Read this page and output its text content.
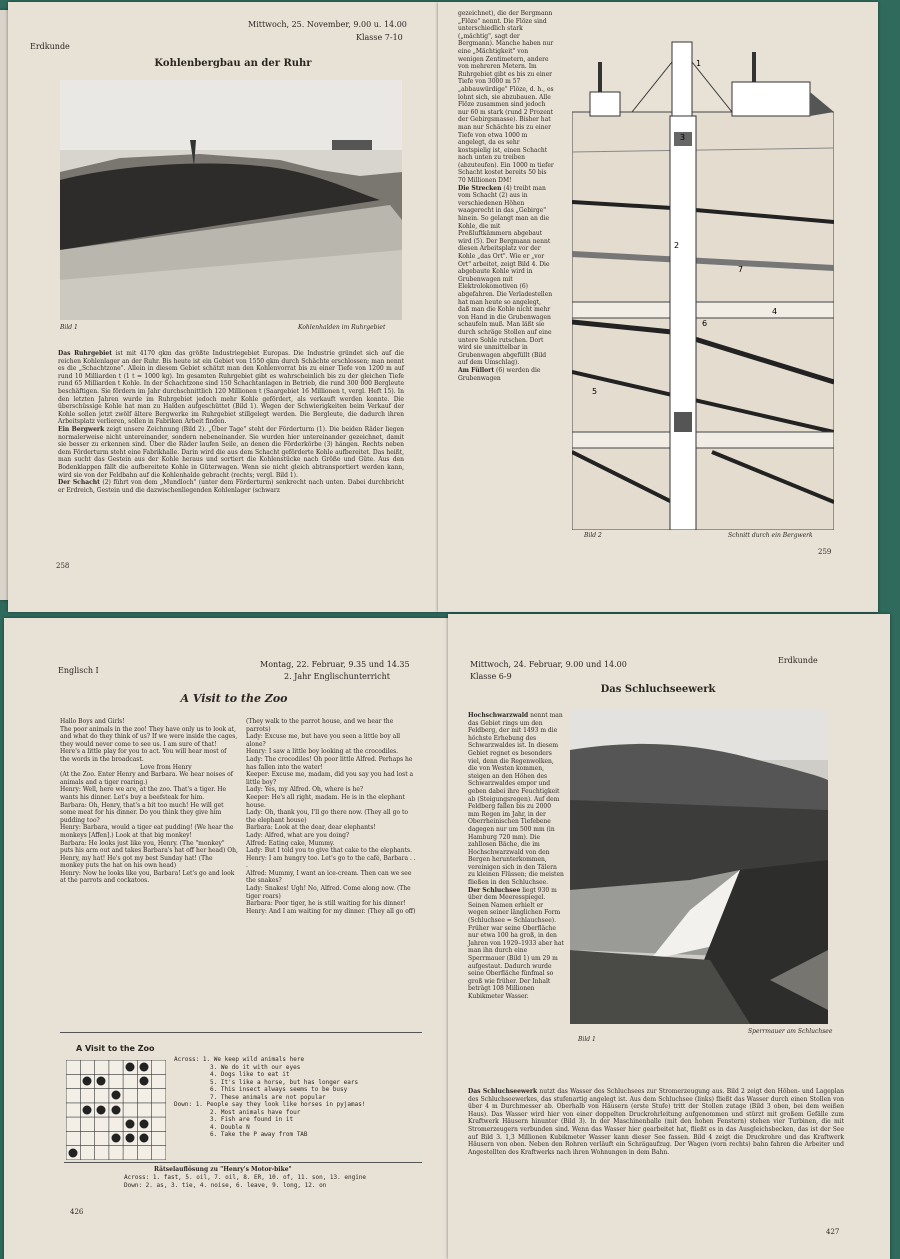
Erdkunde
Mittwoch, 25. November, 9.00 u. 14.00
Klasse 7-10
Kohlenbergbau an der Ruhr
Bild 1	Kohlenhalden im Ruhrgebiet
Das Ruhrgebiet ist mit 4170 qkm das größte Industriegebiet Europas. Die Industrie gründet sich auf die reichen Kohlenlager an der Ruhr. Bis heute ist ein Gebiet von 1550 qkm durch Schächte erschlossen; man nennt es die „Schachtzone". Allein in diesem Gebiet schätzt man den Kohlenvorrat bis zu einer Tiefe von 1200 m auf rund 10 Milliarden t (1 t = 1000 kg). Im gesamten Ruhrgebiet gibt es wahrscheinlich bis zu der gleichen Tiefe rund 65 Milliarden t Kohle. In der Schachtzone sind 150 Schachtanlagen in Betrieb, die rund 300 000 Bergleute beschäftigen. Sie fördern im Jahr durchschnittlich 120 Millionen t (Saargebiet 16 Millionen t, vergl. Heft 15). In den letzten Jahren wurde im Ruhrgebiet jedoch mehr Kohle gefördert, als verkauft werden konnte. Die überschüssige Kohle hat man zu Halden aufgeschüttet (Bild 1). Wegen der Schwierigkeiten beim Verkauf der Kohle sollen jetzt zwölf ältere Bergwerke im Ruhrgebiet stillgelegt werden. Die Bergleute, die dadurch ihren Arbeitsplatz verlieren, sollen in Fabriken Arbeit finden.
Ein Bergwerk zeigt unsere Zeichnung (Bild 2). „Über Tage" steht der Förderturm (1). Die beiden Räder liegen normalerweise nicht untereinander, sondern nebeneinander. Sie wurden hier untereinander gezeichnet, damit sie besser zu erkennen sind. Über die Räder laufen Seile, an denen die Förderkörbe (3) hängen. Rechts neben dem Förderturm steht eine Fabrikhalle. Darin wird die aus dem Schacht geförderte Kohle aufbereitet. Das heißt, man sucht das Gestein aus der Kohle heraus und sortiert die Kohlenstücke nach Größe und Güte. Aus den Bodenklappen fällt die aufbereitete Kohle in Güterwagen. Wenn sie nicht gleich abtransportiert werden kann, wird sie von der Feldbahn auf die Kohlenhalde gebracht (rechts; vergl. Bild 1).
Der Schacht (2) führt von dem „Mundloch" (unter dem Förderturm) senkrecht nach unten. Dabei durchbricht er Erdreich, Gestein und die dazwischenliegenden Kohlenlager (schwarz
258
gezeichnet), die der Bergmann „Flöze" nennt. Die Flöze sind unterschiedlich stark („mächtig", sagt der Bergmann). Manche haben nur eine „Mächtigkeit" von wenigen Zentimetern, andere von mehreren Metern. Im Ruhrgebiet gibt es bis zu einer Tiefe von 3000 m 57 „abbauwürdige" Flöze, d. h., es lohnt sich, sie abzubauen. Alle Flöze zusammen sind jedoch nur 60 m stark (rund 2 Prozent der Gebirgsmasse). Bisher hat man nur Schächte bis zu einer Tiefe von etwa 1000 m angelegt, da es sehr kostspielig ist, einen Schacht nach unten zu treiben (abzuteufen). Ein 1000 m tiefer Schacht kostet bereits 50 bis 70 Millionen DM!
Die Strecken (4) treibt man vom Schacht (2) aus in verschiedenen Höhen waagerecht in das „Gebirge" hinein. So gelangt man an die Kohle, die mit Preßluftkämmern abgebaut wird (5). Der Bergmann nennt diesen Arbeitsplatz vor der Kohle „das Ort". Wie er „vor Ort" arbeitet, zeigt Bild 4. Die abgebaute Kohle wird in Grubenwagen mit Elektrolokomotiven (6) abgefahren. Die Verladestellen hat man heute so angelegt, daß man die Kohle nicht mehr von Hand in die Grubenwagen schaufeln muß. Man läßt sie durch schräge Stollen auf eine untere Sohle rutschen. Dort wird sie unmittelbar in Grubenwagen abgefüllt (Bild auf dem Umschlag).
Am Füllort (6) werden die Grubenwagen
1
2
3
4
5
6
7
Bild 2	Schnitt durch ein Bergwerk
259
Englisch I
Montag, 22. Februar, 9.35 und 14.35
2. Jahr Englischunterricht
A Visit to the Zoo
Hallo Boys and Girls!
The poor animals in the zoo! They have only us to look at, and what do they think of us? If we were inside the cages, they would never come to see us. I am sure of that!
Here's a little play for you to act. You will hear most of the words in the broadcast.
Love from Henry
(At the Zoo. Enter Henry and Barbara. We hear noises of animals and a tiger roaring.)
Henry: Well, here we are, at the zoo. That's a tiger. He wants his dinner. Let's buy a beefsteak for him.
Barbara: Oh, Henry, that's a bit too much! He will get some meat for his dinner. Do you think they give him pudding too?
Henry: Barbara, would a tiger eat pudding! (We hear the monkeys [Affen].) Look at that big monkey!
Barbara: He looks just like you, Henry. (The "monkey" puts his arm out and takes Barbara's hat off her head) Oh, Henry, my hat! He's got my best Sunday hat! (The monkey puts the hat on his own head)
Henry: Now he looks like you, Barbara! Let's go and look at the parrots and cockatoos.
(They walk to the parrot house, and we hear the parrots)
Lady: Excuse me, but have you seen a little boy all alone?
Henry: I saw a little boy looking at the crocodiles.
Lady: The crocodiles! Oh poor little Alfred. Perhaps he has fallen into the water!
Keeper: Excuse me, madam, did you say you had lost a little boy?
Lady: Yes, my Alfred. Oh, where is he?
Keeper: He's all right, madam. He is in the elephant house.
Lady: Oh, thank you, I'll go there now. (They all go to the elephant house)
Barbara: Look at the dear, dear elephants!
Lady: Alfred, what are you doing?
Alfred: Eating cake, Mummy.
Lady: But I told you to give that cake to the elephants.
Henry: I am hungry too. Let's go to the café, Barbara . . .
Alfred: Mummy, I want an ice-cream. Then can we see the snakes?
Lady: Snakes! Ugh! No, Alfred. Come along now. (The tiger roars)
Barbara: Poor tiger, he is still waiting for his dinner!
Henry: And I am waiting for my dinner. (They all go off)
A Visit to the Zoo
Across: 1. We keep wild animals here
3. We do it with our eyes
4. Dogs like to eat it
5. It's like a horse, but has longer ears
6. This insect always seems to be busy
7. These animals are not popular
Down: 1. People say they look like horses in pyjamas!
2. Most animals have four
3. Fish are found in it
4. Double N
6. Take the P away from TAB
Rätselauflösung zu "Henry's Motor-bike"
Across: 1. fast, 5. oil, 7. oil, 8. ER, 10. of, 11. son, 13. engine
Down: 2. as, 3. tie, 4. noise, 6. leave, 9. long, 12. on
426
Mittwoch, 24. Februar, 9.00 und 14.00
Klasse 6-9
Erdkunde
Das Schluchseewerk
Hochschwarzwald nennt man das Gebiet rings um den Feldberg, der mit 1493 m die höchste Erhebung des Schwarzwaldes ist. In diesem Gebiet regnet es besonders viel, denn die Regenwolken, die von Westen kommen, steigen an den Höhen des Schwarzwaldes empor und geben dabei ihre Feuchtigkeit ab (Steigungsregen). Auf dem Feldberg fallen bis zu 2000 mm Regen im Jahr, in der Oberrheinischen Tiefebene dagegen nur um 500 mm (in Hamburg 720 mm). Die zahllosen Bäche, die im Hochschwarzwald von den Bergen herunterkommen, vereinigen sich in den Tälern zu kleinen Flüssen; die meisten fließen in den Schluchsee.
Der Schluchsee liegt 930 m über dem Meeresspiegel. Seinen Namen erhielt er wegen seiner länglichen Form (Schluchsee = Schlauchsee). Früher war seine Oberfläche nur etwa 100 ha groß, in den Jahren von 1929–1933 aber hat man ihn durch eine Sperrmauer (Bild 1) um 29 m aufgestaut. Dadurch wurde seine Oberfläche fünfmal so groß wie früher. Der Inhalt beträgt 108 Millionen Kubikmeter Wasser.
Bild 1
Sperrmauer am Schluchsee
Das Schluchseewerk nutzt das Wasser des Schluchsees zur Stromerzeugung aus. Bild 2 zeigt den Höhen- und Lageplan des Schluchseewerkes, das stufenartig angelegt ist. Aus dem Schluchsee (links) fließt das Wasser durch einen Stollen von über 4 m Durchmesser ab. Oberhalb von Häusern (erste Stufe) tritt der Stollen zutage (Bild 3 oben, bei dem weißen Haus). Das Wasser wird hier von einer doppelten Druckrohrleitung aufgenommen und stürzt mit großem Gefälle zum Kraftwerk Häusern hinunter (Bild 3). In der Maschinenhalle (mit den hohen Fenstern) stehen vier Turbinen, die mit Stromerzeugern verbunden sind. Wenn das Wasser hier gearbeitet hat, fließt es in das Ausgleichsbecken, das ist der See auf Bild 3. 1,3 Millionen Kubikmeter Wasser kann dieser See fassen. Bild 4 zeigt die Druckrohre und das Kraftwerk Häusern von oben. Neben den Rohren verläuft ein Schrägaufzug. Der Wagen (vorn rechts) bahn fahren die Arbeiter und Angestellten des Kraftwerks nach ihren Wohnungen in dem Bahn.
427
